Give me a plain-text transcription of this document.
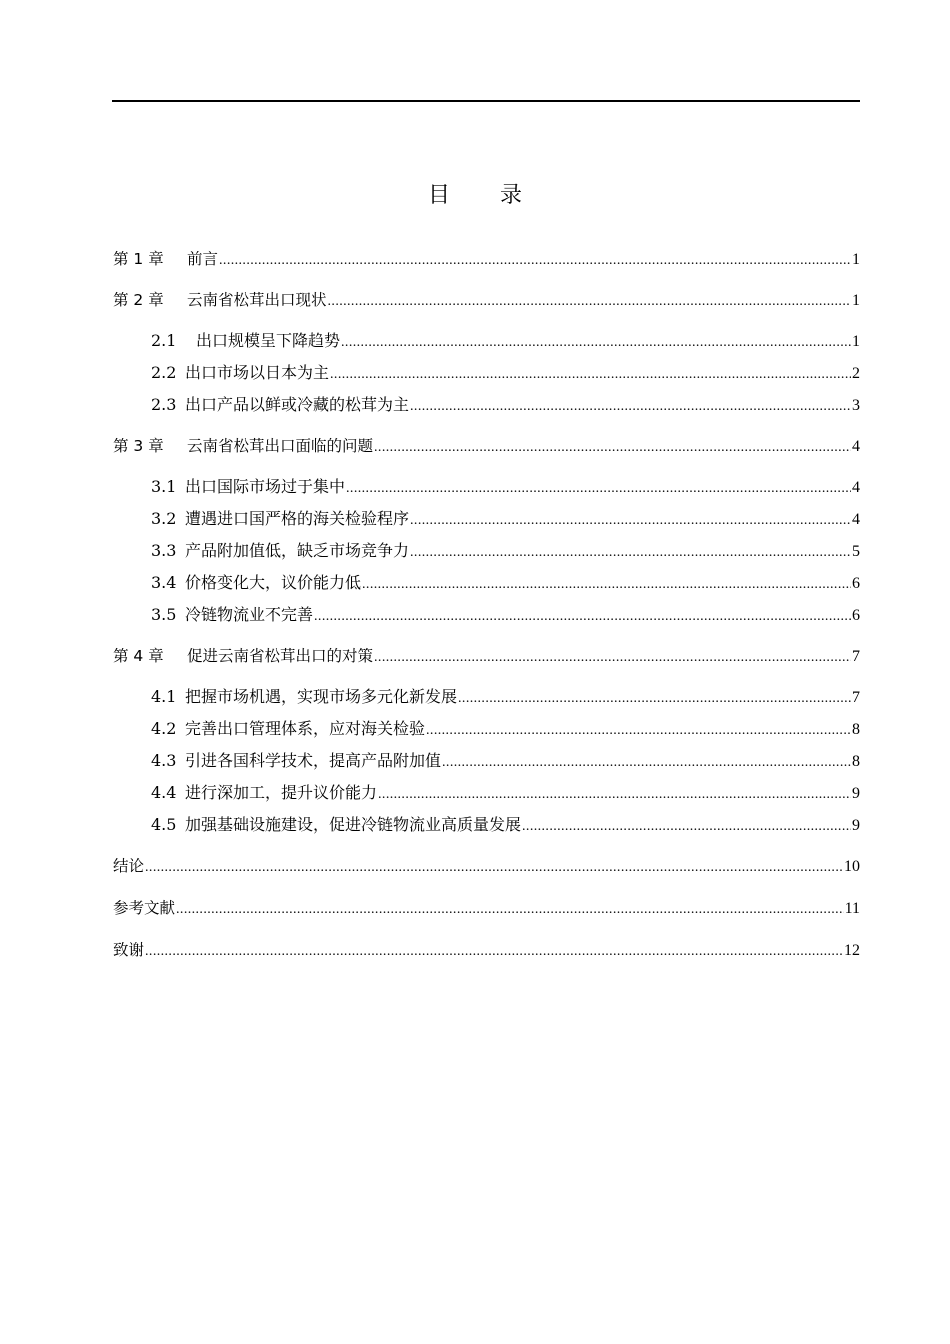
目 录
第 1 章	前言 .....	1
第 2 章	云南省松茸出口现状 .....	1
2.1	出口规模呈下降趋势 .....	1
2.2 出口市场以日本为主 .....	2
2.3 出口产品以鲜或冷藏的松茸为主 .....	3
第 3 章	云南省松茸出口面临的问题 .....	4
3.1 出口国际市场过于集中 .....	4
3.2 遭遇进口国严格的海关检验程序 .....	4
3.3 产品附加值低，缺乏市场竞争力 .....	5
3.4 价格变化大，议价能力低 .....	6
3.5 冷链物流业不完善 .....	6
第 4 章	促进云南省松茸出口的对策 .....	7
4.1 把握市场机遇，实现市场多元化新发展 .....	7
4.2 完善出口管理体系，应对海关检验 .....	8
4.3 引进各国科学技术，提高产品附加值 .....	8
4.4 进行深加工，提升议价能力 .....	9
4.5 加强基础设施建设，促进冷链物流业高质量发展 .....	9
结论 .....	10
参考文献 .....	11
致谢 .....	12
